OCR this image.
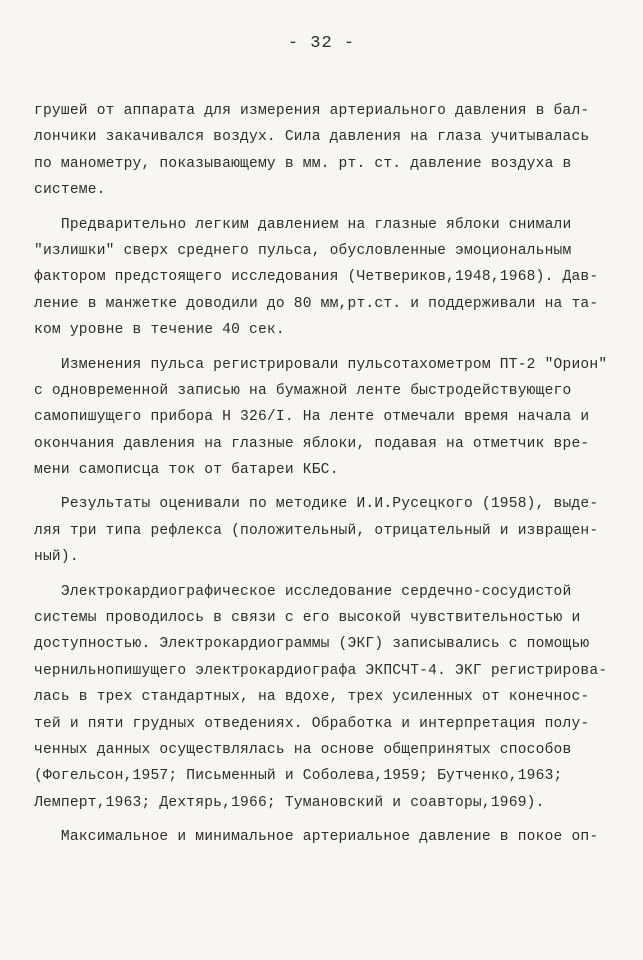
- 32 -
грушей от аппарата для измерения артериального давления в бал-
лончики закачивался воздух. Сила давления на глаза учитывалась
по манометру, показывающему в мм. рт. ст. давление воздуха в
системе.
Предварительно легким давлением на глазные яблоки снимали
"излишки" сверх среднего пульса, обусловленные эмоциональным
фактором предстоящего исследования (Четвериков,1948,1968). Дав-
ление в манжетке доводили до 80 мм,рт.ст. и поддерживали на та-
ком уровне в течение 40 сек.
Изменения пульса регистрировали пульсотахометром ПТ-2 "Орион"
с одновременной записью на бумажной ленте быстродействующего
самопишущего прибора Н 326/I. На ленте отмечали время начала и
окончания давления на глазные яблоки, подавая на отметчик вре-
мени самописца ток от батареи КБС.
Результаты оценивали по методике И.И.Русецкого (1958), выде-
ляя три типа рефлекса (положительный, отрицательный и извращен-
ный).
Электрокардиографическое исследование сердечно-сосудистой
системы проводилось в связи с его высокой чувствительностью и
доступностью. Электрокардиограммы (ЭКГ) записывались с помощью
чернильнопишущего электрокардиографа ЭКПСЧТ-4. ЭКГ регистрирова-
лась в трех стандартных, на вдохе, трех усиленных от конечнос-
тей и пяти грудных отведениях. Обработка и интерпретация полу-
ченных данных осуществлялась на основе общепринятых способов
(Фогельсон,1957; Письменный и Соболева,1959; Бутченко,1963;
Лемперт,1963; Дехтярь,1966; Тумановский и соавторы,1969).
Максимальное и минимальное артериальное давление в покое оп-
